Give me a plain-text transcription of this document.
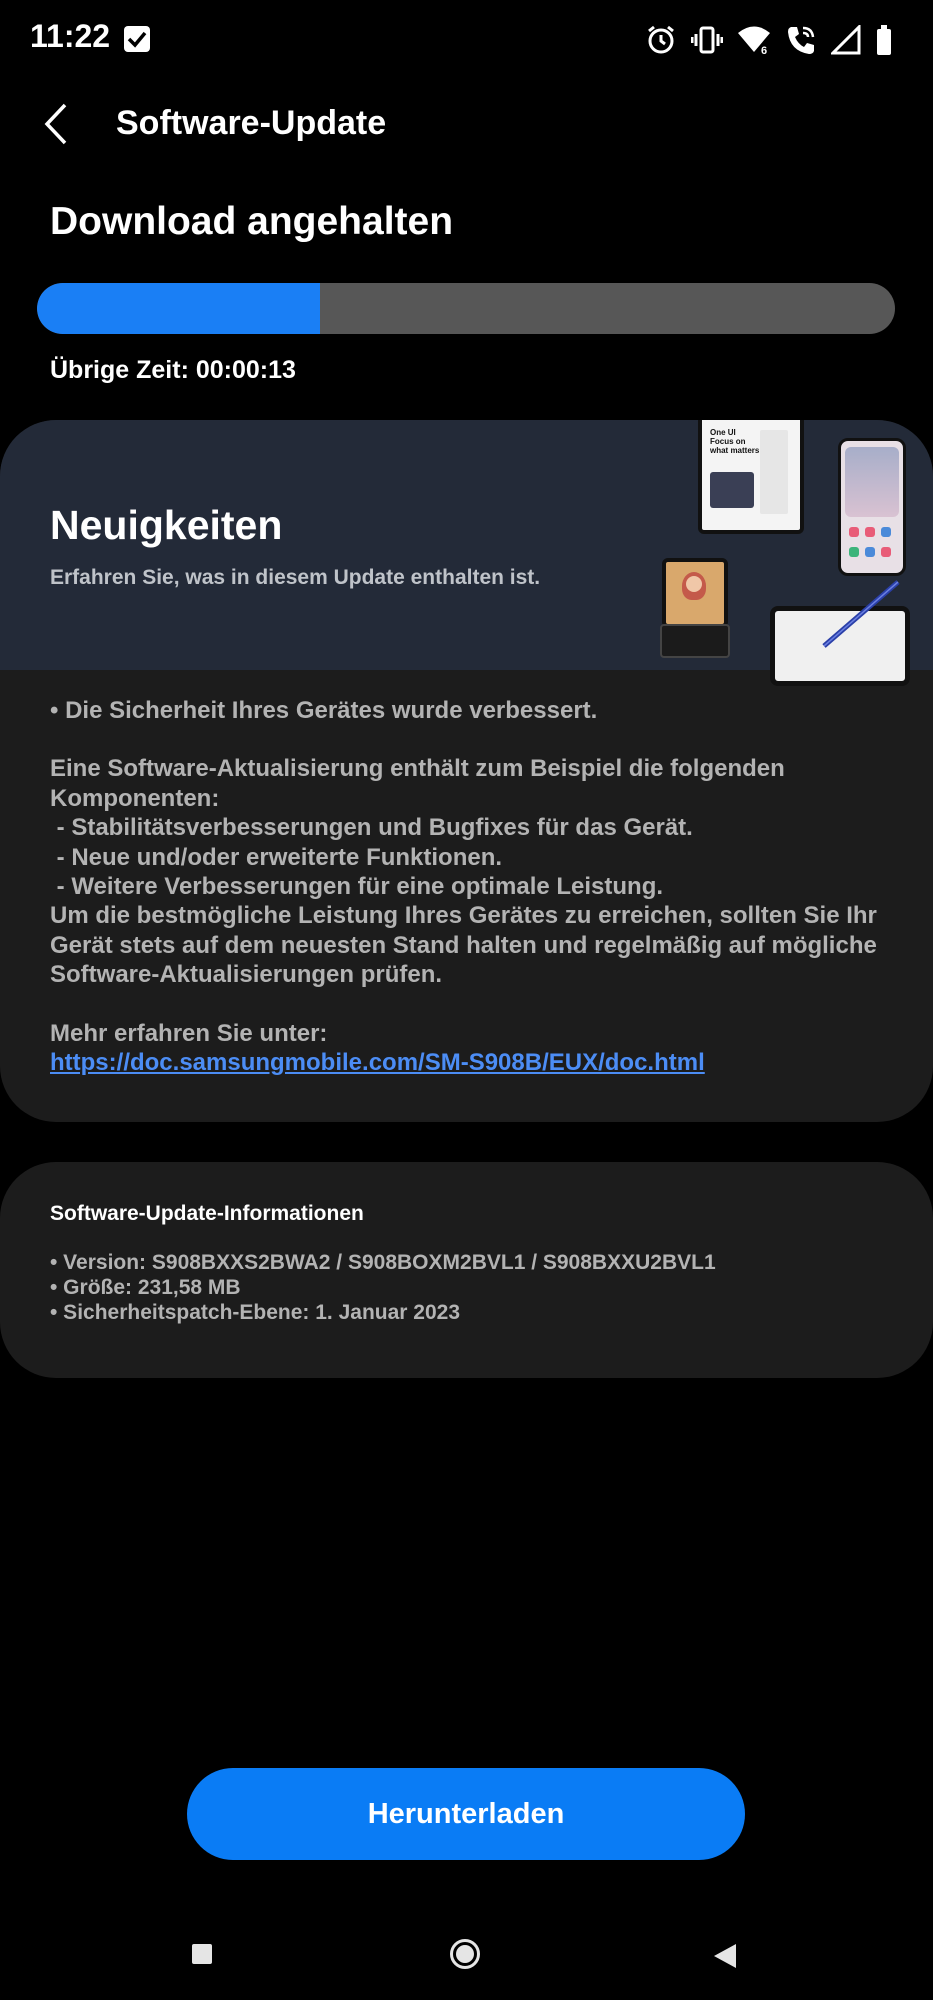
11:22	6
Software-Update
Download angehalten
Übrige Zeit: 00:00:13
Neuigkeiten
Erfahren Sie, was in diesem Update enthalten ist.
One UI
Focus on
what matters

• Die Sicherheit Ihres Gerätes wurde verbessert.

Eine Software-Aktualisierung enthält zum Beispiel die folgenden

Komponenten:

- Stabilitätsverbesserungen und Bugfixes für das Gerät.

- Neue und/oder erweiterte Funktionen.

- Weitere Verbesserungen für eine optimale Leistung.

Um die bestmögliche Leistung Ihres Gerätes zu erreichen, sollten Sie Ihr

Gerät stets auf dem neuesten Stand halten und regelmäßig auf mögliche

Software-Aktualisierungen prüfen.

Mehr erfahren Sie unter:

https://doc.samsungmobile.com/SM-S908B/EUX/doc.html

Software-Update-Informationen
• Version: S908BXXS2BWA2 / S908BOXM2BVL1 / S908BXXU2BVL1
• Größe: 231,58 MB
• Sicherheitspatch-Ebene: 1. Januar 2023
Herunterladen
